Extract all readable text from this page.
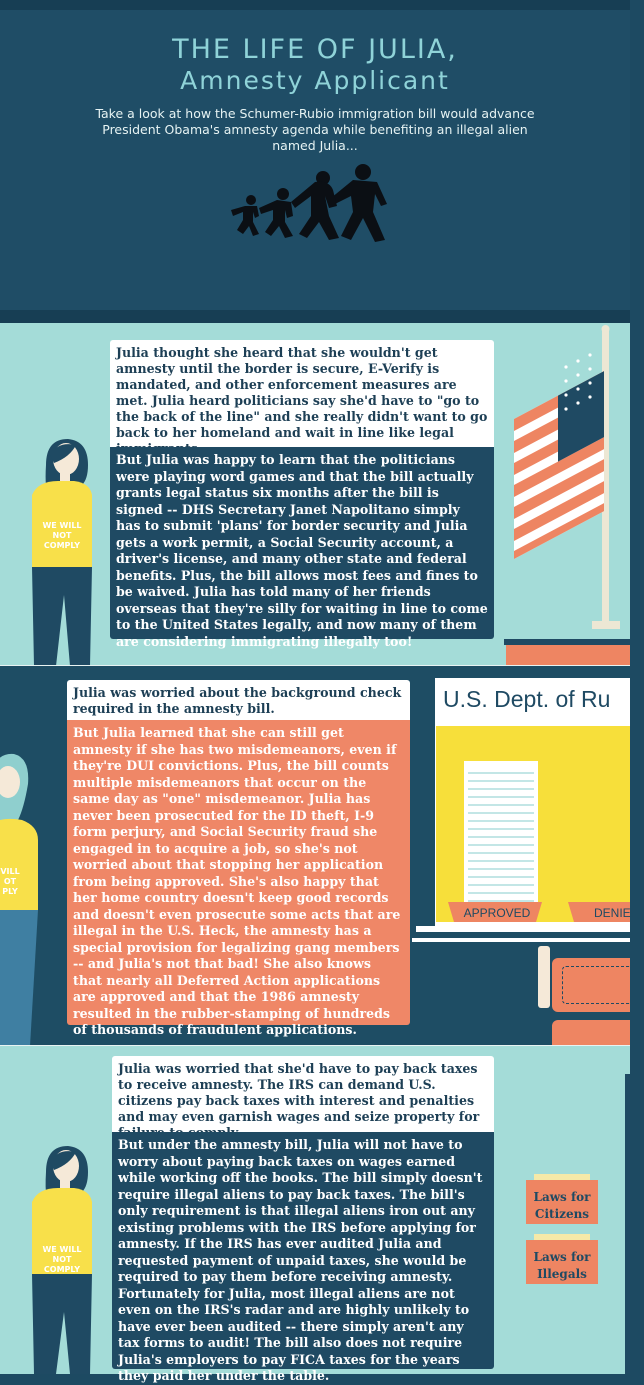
THE LIFE OF JULIA,
Amnesty Applicant
Take a look at how the Schumer-Rubio immigration bill would advance President Obama's amnesty agenda while benefiting an illegal alien named Julia...
WE WILL
NOT
COMPLY
Julia thought she heard that she wouldn't get amnesty until the border is secure, E-Verify is mandated, and other enforcement measures are met. Julia heard politicians say she'd have to "go to the back of the line" and she really didn't want to go back to her homeland and wait in line like legal
But Julia was happy to learn that the politicians were playing word games and that the bill actually grants legal status six months after the bill is signed -- DHS Secretary Janet Napolitano simply has to submit 'plans' for border security and Julia gets a work permit, a Social Security account, a driver's license, and many other state and federal benefits. Plus, the bill allows most fees and fines to be waived. Julia has told many of her friends overseas that they're silly for waiting in line to come to the United States legally, and now many of them are considering immigrating illegally too!
VILL
OT
PLY
Julia was worried about the background check required in the amnesty bill.
But Julia learned that she can still get amnesty if she has two misdemeanors, even if they're DUI convictions. Plus, the bill counts multiple misdemeanors that occur on the same day as "one" misdemeanor. Julia has never been prosecuted for the ID theft, I-9 form perjury, and Social Security fraud she engaged in to acquire a job, so she's not worried about that stopping her application from being approved. She's also happy that her home country doesn't keep good records and doesn't even prosecute some acts that are illegal in the U.S. Heck, the amnesty has a special provision for legalizing gang members -- and Julia's not that bad! She also knows that nearly all Deferred Action applications are approved and that the 1986 amnesty resulted in the rubber-stamping of hundreds of thousands of fraudulent applications.
U.S. Dept. of Ru
APPROVED	DENIE
WE WILL
NOT
COMPLY
Julia was worried that she'd have to pay back taxes to receive amnesty. The IRS can demand U.S. citizens pay back taxes with interest and penalties and may even garnish wages and seize property for
But under the amnesty bill, Julia will not have to worry about paying back taxes on wages earned while working off the books. The bill simply doesn't require illegal aliens to pay back taxes. The bill's only requirement is that illegal aliens iron out any existing problems with the IRS before applying for amnesty. If the IRS has ever audited Julia and requested payment of unpaid taxes, she would be required to pay them before receiving amnesty. Fortunately for Julia, most illegal aliens are not even on the IRS's radar and are highly unlikely to have ever been audited -- there simply aren't any tax forms to audit! The bill also does not require Julia's employers to pay FICA taxes for the years they paid her under the table.
Laws for Citizens
Laws for Illegals
